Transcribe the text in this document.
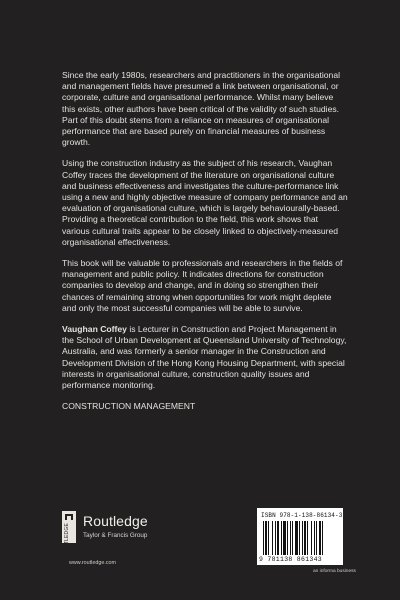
Since the early 1980s, researchers and practitioners in the organisational and management fields have presumed a link between organisational, or corporate, culture and organisational performance. Whilst many believe this exists, other authors have been critical of the validity of such studies. Part of this doubt stems from a reliance on measures of organisational performance that are based purely on financial measures of business growth.

Using the construction industry as the subject of his research, Vaughan Coffey traces the development of the literature on organisational culture and business effectiveness and investigates the culture-performance link using a new and highly objective measure of company performance and an evaluation of organisational culture, which is largely behaviourally-based. Providing a theoretical contribution to the field, this work shows that various cultural traits appear to be closely linked to objectively-measured organisational effectiveness.

This book will be valuable to professionals and researchers in the fields of management and public policy. It indicates directions for construction companies to develop and change, and in doing so strengthen their chances of remaining strong when opportunities for work might deplete and only the most successful companies will be able to survive.

Vaughan Coffey is Lecturer in Construction and Project Management in the School of Urban Development at Queensland University of Technology, Australia, and was formerly a senior manager in the Construction and Development Division of the Hong Kong Housing Department, with special interests in organisational culture, construction quality issues and performance monitoring.

CONSTRUCTION MANAGEMENT

ROUTLEDGE
Routledge
Taylor & Francis Group
www.routledge.com
ISBN 978-1-138-86134-3
9 781138 861343
an informa business
